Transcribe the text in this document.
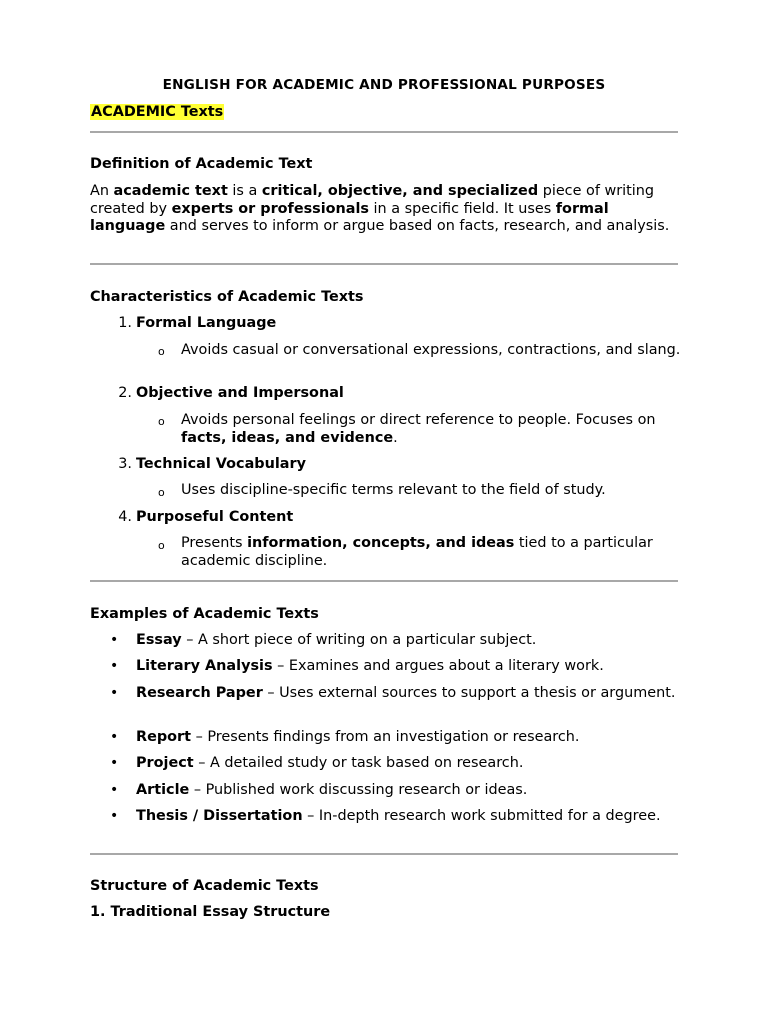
ENGLISH FOR ACADEMIC AND PROFESSIONAL PURPOSES
ACADEMIC Texts
Definition of Academic Text
An academic text is a critical, objective, and specialized piece of writing created by experts or professionals in a specific field. It uses formal language and serves to inform or argue based on facts, research, and analysis.
Characteristics of Academic Texts
1. Formal Language
o Avoids casual or conversational expressions, contractions, and slang.
2. Objective and Impersonal
o Avoids personal feelings or direct reference to people. Focuses on facts, ideas, and evidence.
3. Technical Vocabulary
o Uses discipline-specific terms relevant to the field of study.
4. Purposeful Content
o Presents information, concepts, and ideas tied to a particular academic discipline.
Examples of Academic Texts
• Essay – A short piece of writing on a particular subject.
• Literary Analysis – Examines and argues about a literary work.
• Research Paper – Uses external sources to support a thesis or argument.
• Report – Presents findings from an investigation or research.
• Project – A detailed study or task based on research.
• Article – Published work discussing research or ideas.
• Thesis / Dissertation – In-depth research work submitted for a degree.
Structure of Academic Texts
1. Traditional Essay Structure
